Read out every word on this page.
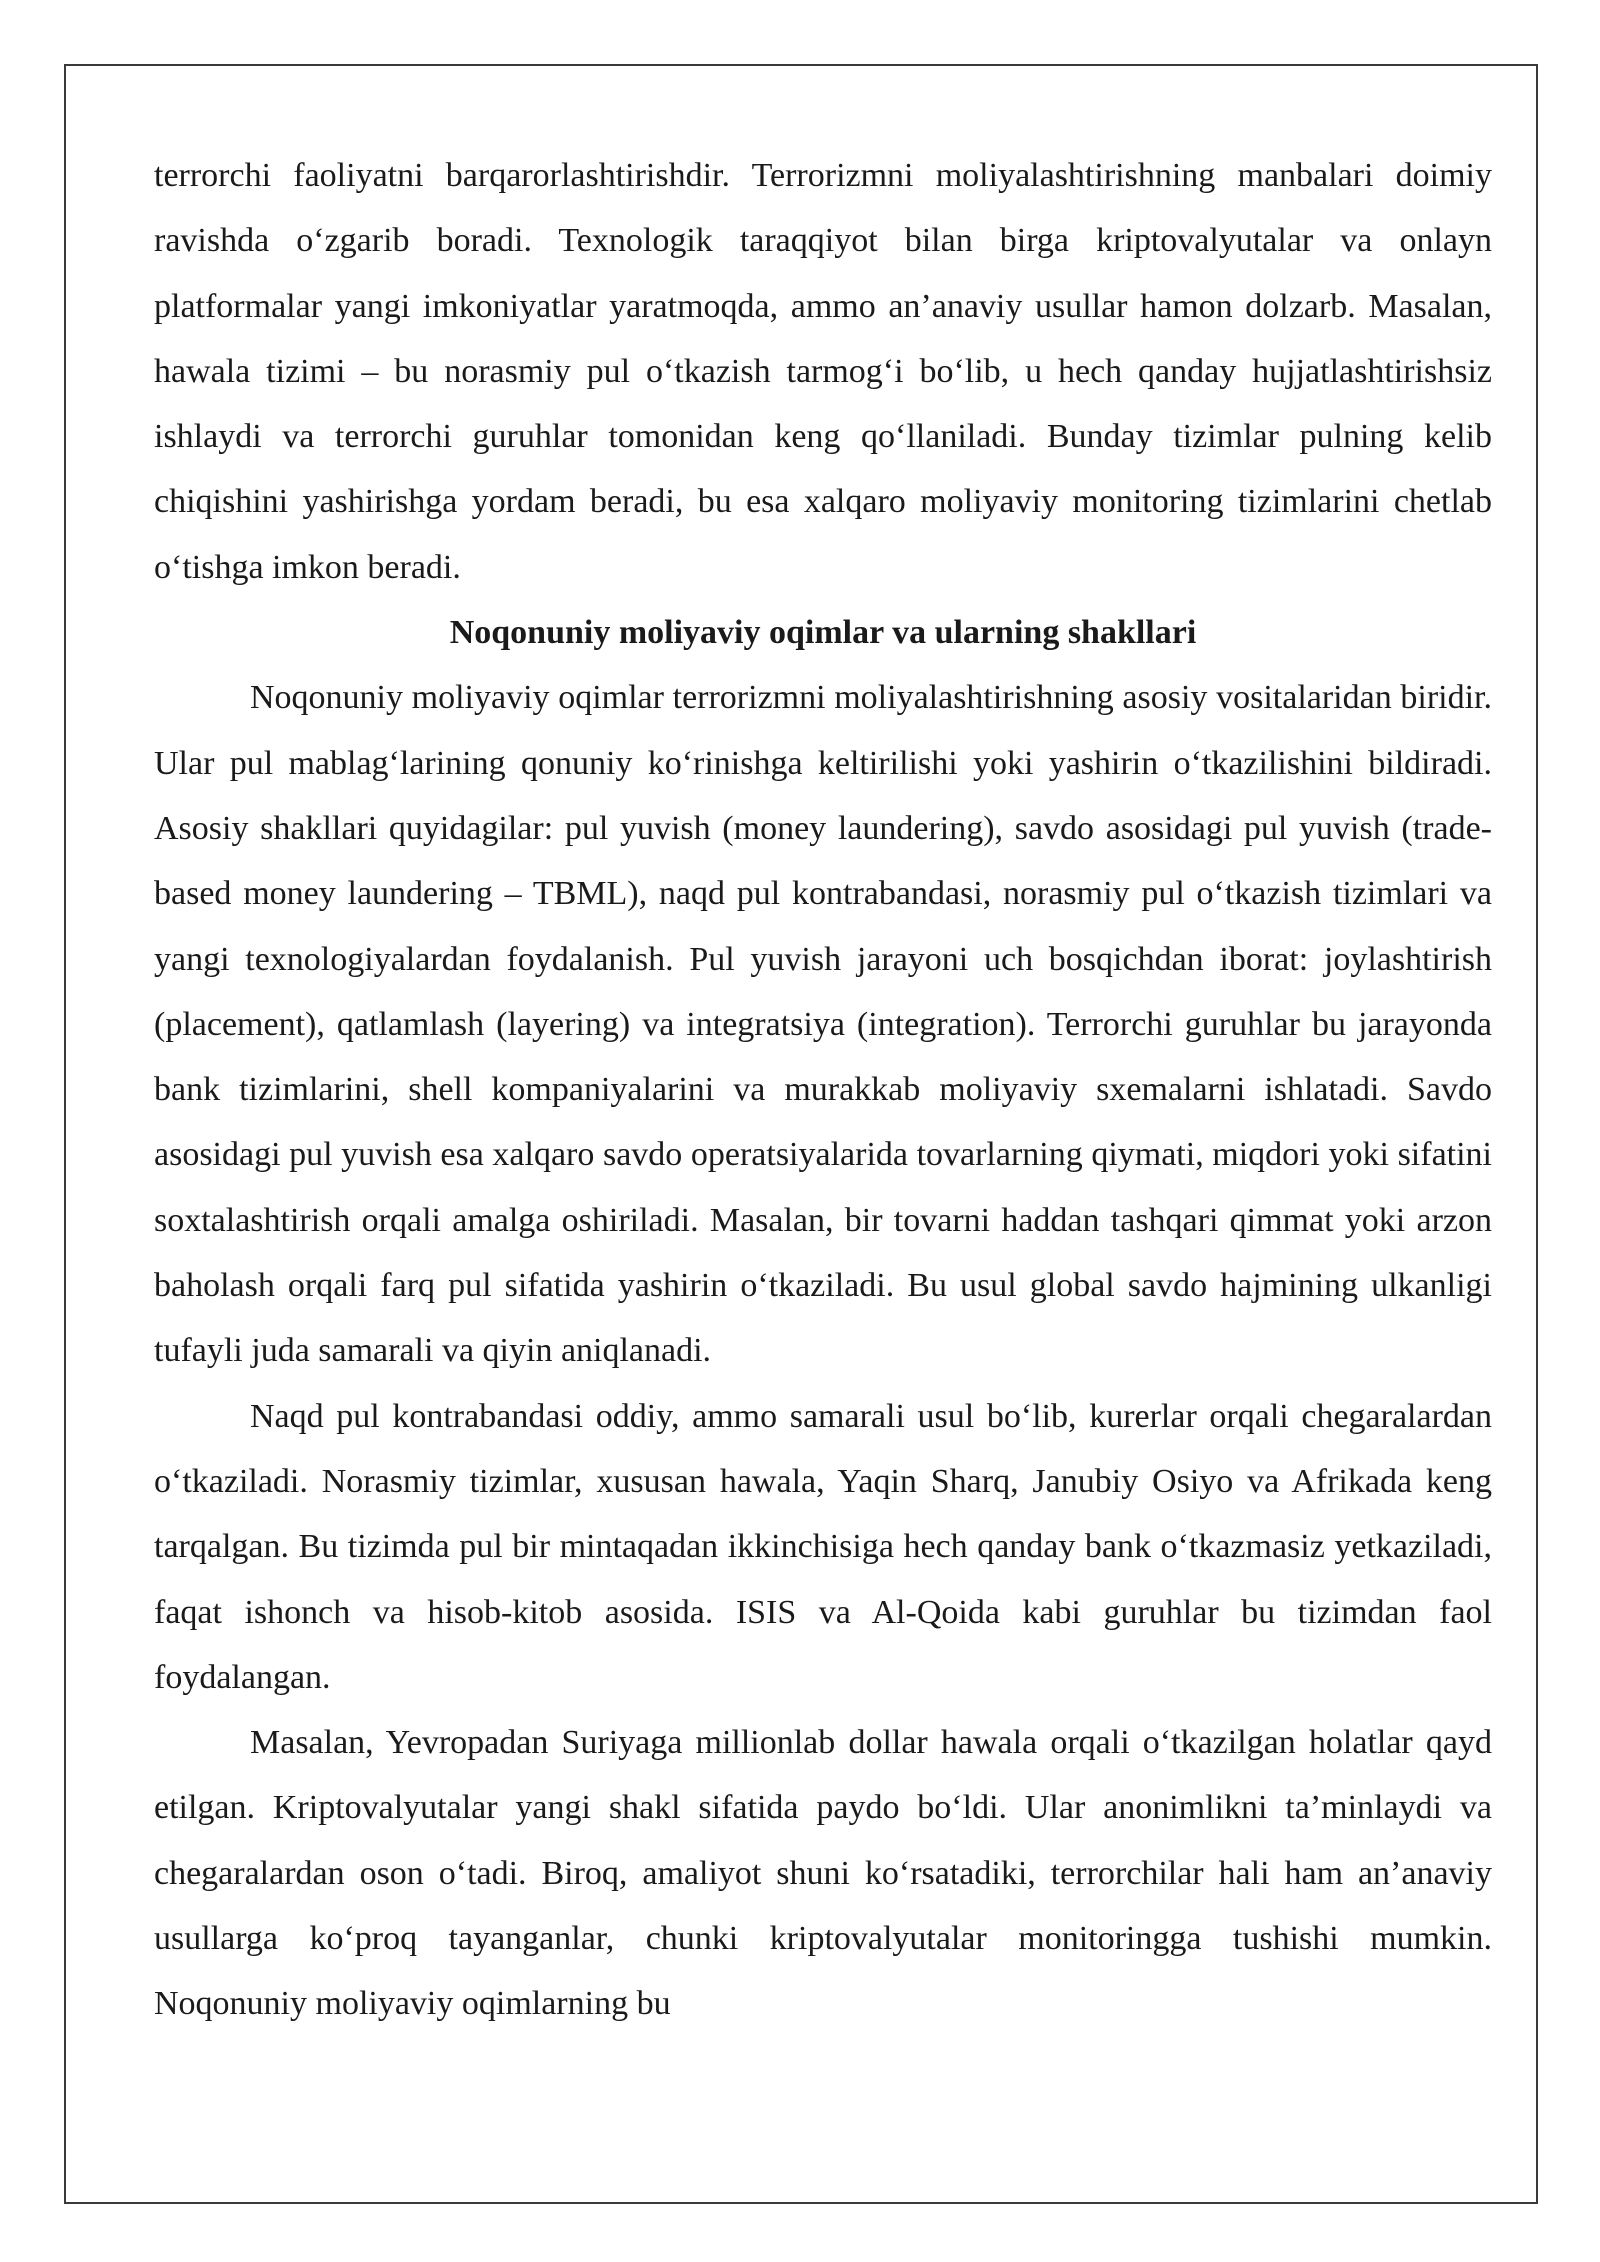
terrorchi faoliyatni barqarorlashtirishdir. Terrorizmni moliyalashtirishning manbalari doimiy ravishda o‘zgarib boradi. Texnologik taraqqiyot bilan birga kriptovalyutalar va onlayn platformalar yangi imkoniyatlar yaratmoqda, ammo an’anaviy usullar hamon dolzarb. Masalan, hawala tizimi – bu norasmiy pul o‘tkazish tarmog‘i bo‘lib, u hech qanday hujjatlashtirishsiz ishlaydi va terrorchi guruhlar tomonidan keng qo‘llaniladi. Bunday tizimlar pulning kelib chiqishini yashirishga yordam beradi, bu esa xalqaro moliyaviy monitoring tizimlarini chetlab o‘tishga imkon beradi.

Noqonuniy moliyaviy oqimlar va ularning shakllari

Noqonuniy moliyaviy oqimlar terrorizmni moliyalashtirishning asosiy vositalaridan biridir. Ular pul mablag‘larining qonuniy ko‘rinishga keltirilishi yoki yashirin o‘tkazilishini bildiradi. Asosiy shakllari quyidagilar: pul yuvish (money laundering), savdo asosidagi pul yuvish (trade-based money laundering – TBML), naqd pul kontrabandasi, norasmiy pul o‘tkazish tizimlari va yangi texnologiyalardan foydalanish. Pul yuvish jarayoni uch bosqichdan iborat: joylashtirish (placement), qatlamlash (layering) va integratsiya (integration). Terrorchi guruhlar bu jarayonda bank tizimlarini, shell kompaniyalarini va murakkab moliyaviy sxemalarni ishlatadi. Savdo asosidagi pul yuvish esa xalqaro savdo operatsiyalarida tovarlarning qiymati, miqdori yoki sifatini soxtalashtirish orqali amalga oshiriladi. Masalan, bir tovarni haddan tashqari qimmat yoki arzon baholash orqali farq pul sifatida yashirin o‘tkaziladi. Bu usul global savdo hajmining ulkanligi tufayli juda samarali va qiyin aniqlanadi.

Naqd pul kontrabandasi oddiy, ammo samarali usul bo‘lib, kurerlar orqali chegaralardan o‘tkaziladi. Norasmiy tizimlar, xususan hawala, Yaqin Sharq, Janubiy Osiyo va Afrikada keng tarqalgan. Bu tizimda pul bir mintaqadan ikkinchisiga hech qanday bank o‘tkazmasiz yetkaziladi, faqat ishonch va hisob-kitob asosida. ISIS va Al-Qoida kabi guruhlar bu tizimdan faol foydalangan.

Masalan, Yevropadan Suriyaga millionlab dollar hawala orqali o‘tkazilgan holatlar qayd etilgan. Kriptovalyutalar yangi shakl sifatida paydo bo‘ldi. Ular anonimlikni ta’minlaydi va chegaralardan oson o‘tadi. Biroq, amaliyot shuni ko‘rsatadiki, terrorchilar hali ham an’anaviy usullarga ko‘proq tayanganlar, chunki kriptovalyutalar monitoringga tushishi mumkin. Noqonuniy moliyaviy oqimlarning bu
